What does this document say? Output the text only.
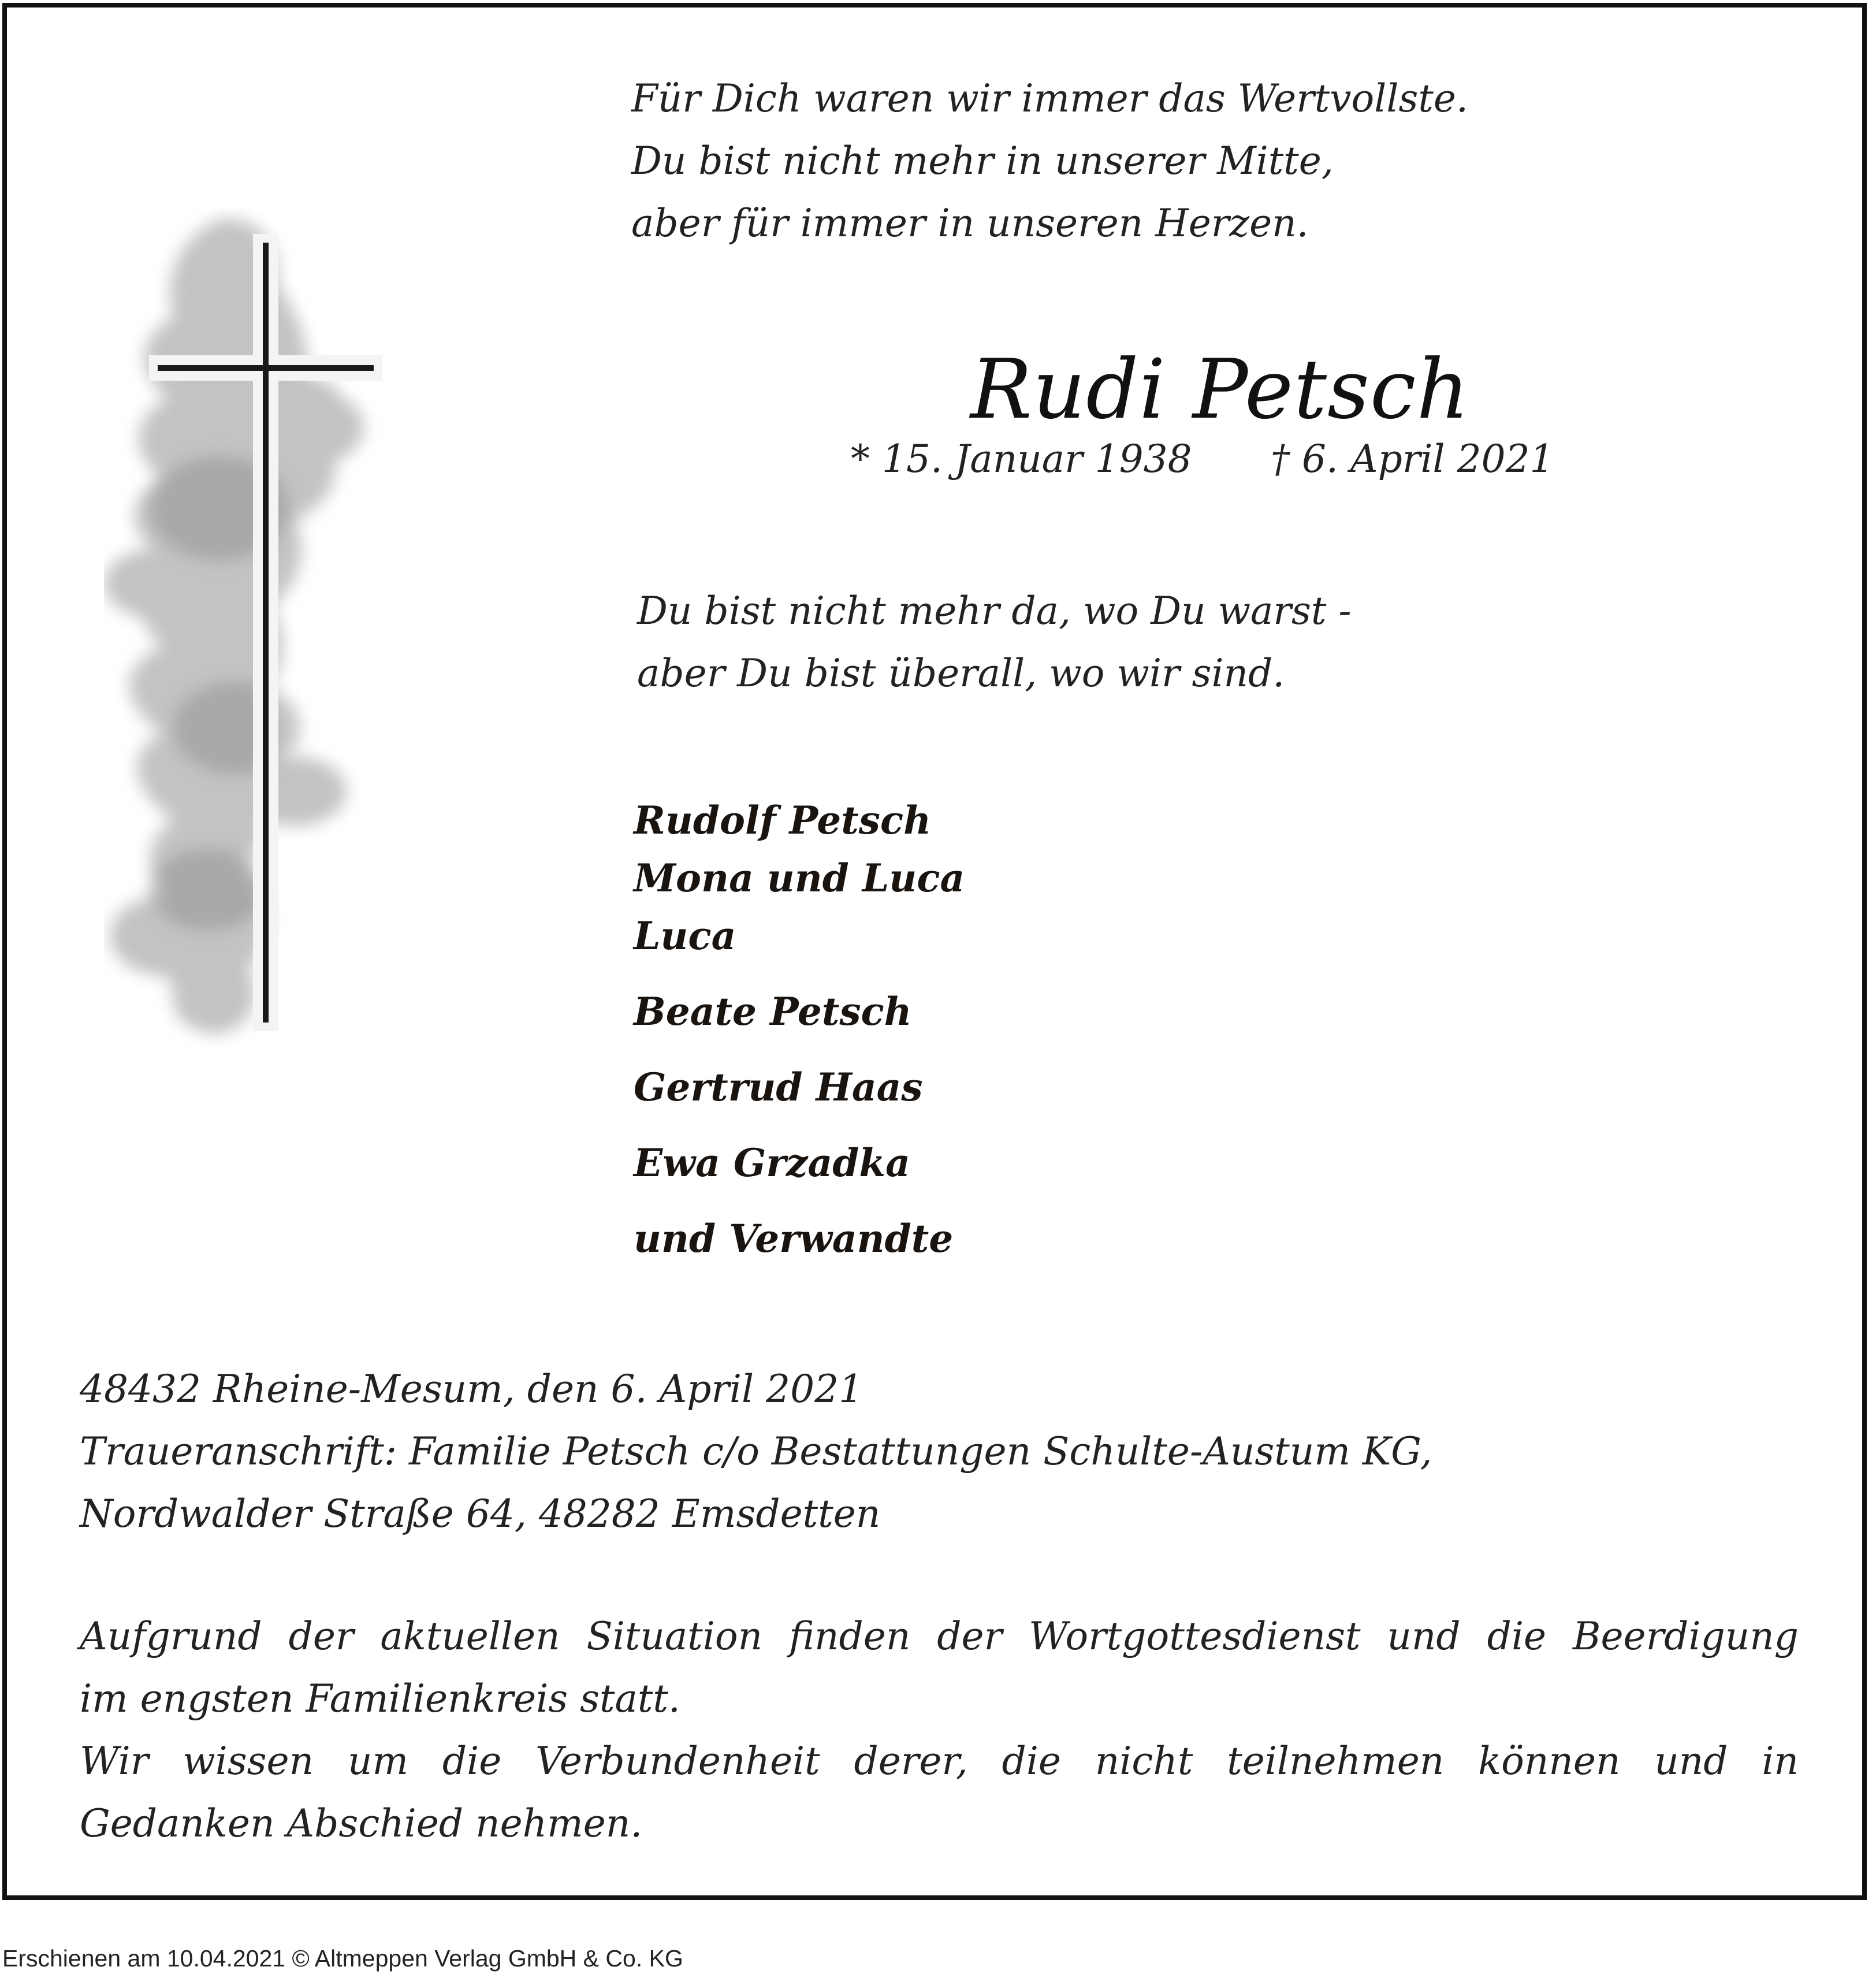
Für Dich waren wir immer das Wertvollste.
Du bist nicht mehr in unserer Mitte,
aber für immer in unseren Herzen.
Rudi Petsch
* 15. Januar 1938 † 6. April 2021
Du bist nicht mehr da, wo Du warst -
aber Du bist überall, wo wir sind.
Rudolf Petsch
Mona und Luca
Luca
Beate Petsch
Gertrud Haas
Ewa Grzadka
und Verwandte
48432 Rheine-Mesum, den 6. April 2021
Traueranschrift: Familie Petsch c/o Bestattungen Schulte-Austum KG,
Nordwalder Straße 64, 48282 Emsdetten
Aufgrund der aktuellen Situation finden der Wortgottesdienst und die Beerdigung
im engsten Familienkreis statt.
Wir wissen um die Verbundenheit derer, die nicht teilnehmen können und in
Gedanken Abschied nehmen.
Erschienen am 10.04.2021 © Altmeppen Verlag GmbH & Co. KG
